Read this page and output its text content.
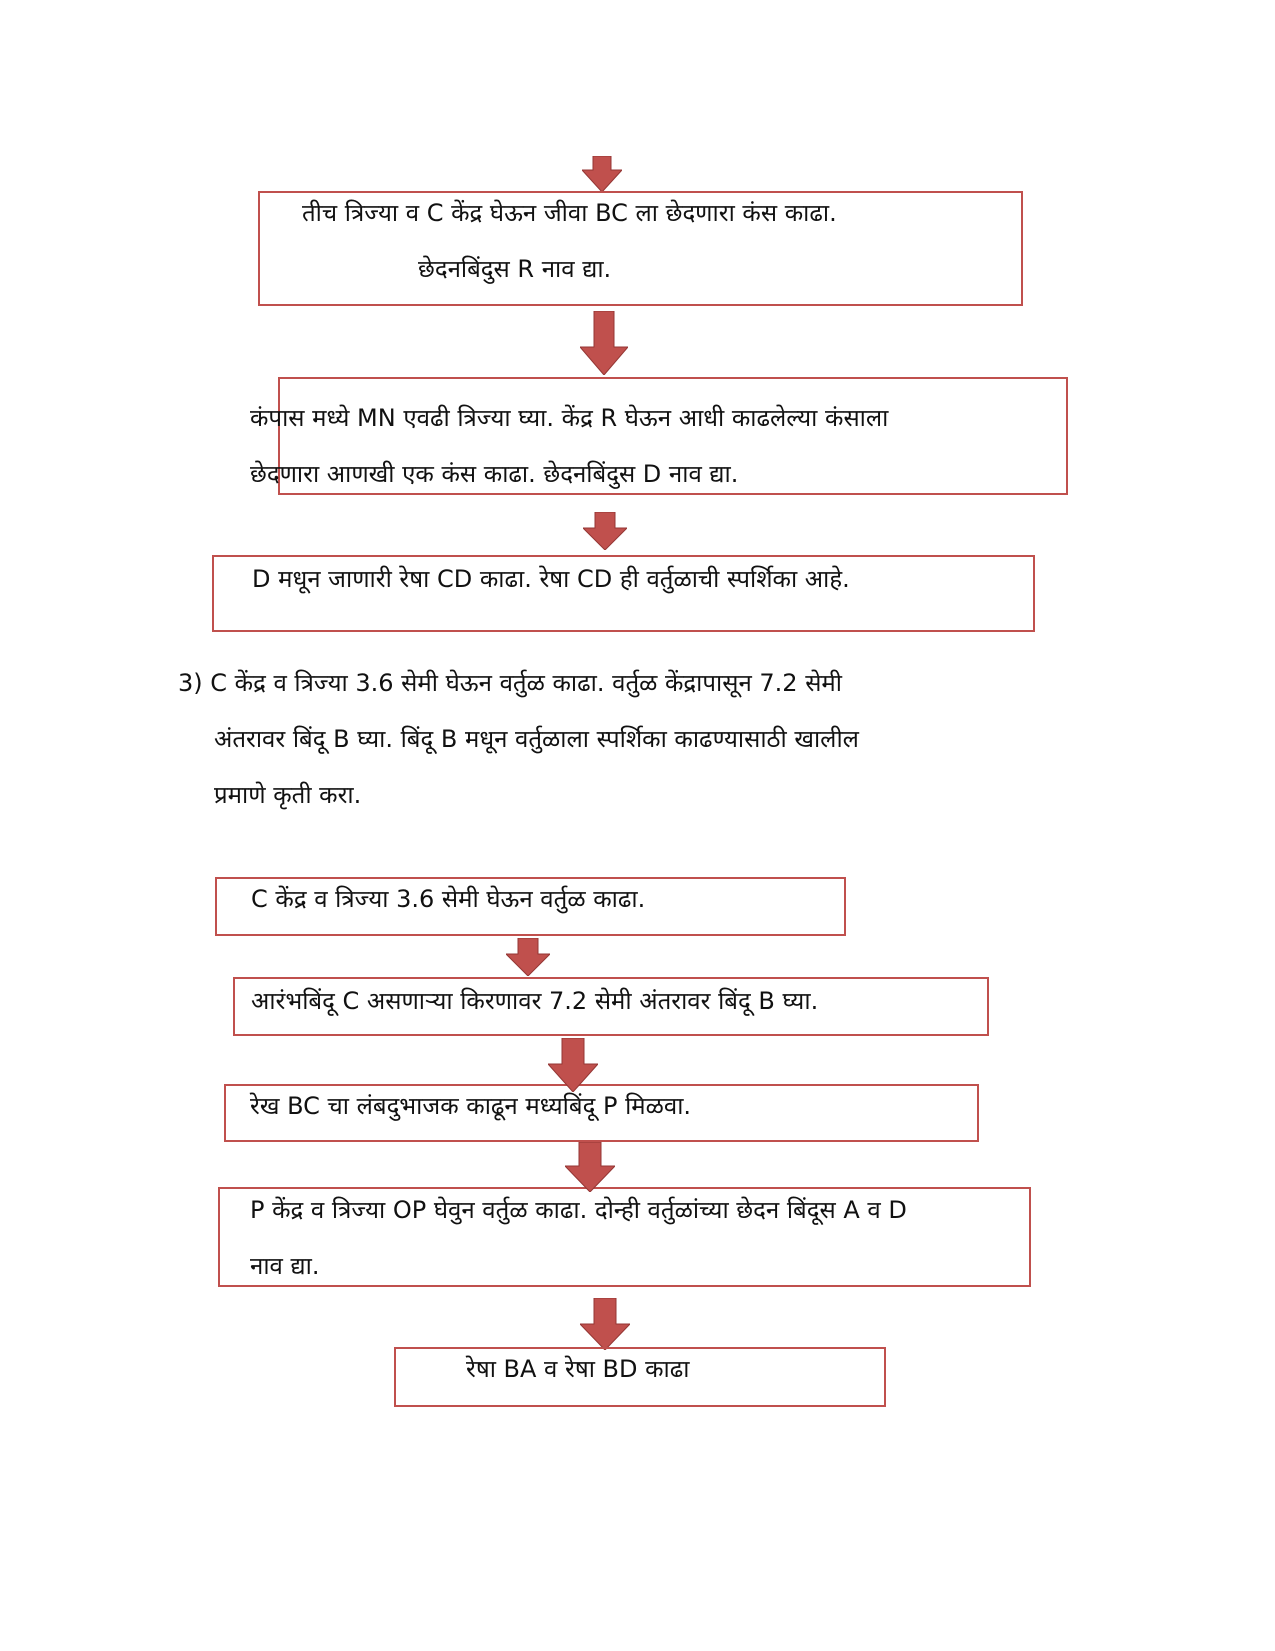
तीच त्रिज्या व C केंद्र घेऊन जीवा BC ला छेदणारा कंस काढा.
छेदनबिंदुस R नाव द्या.
कंपास मध्ये MN एवढी त्रिज्या घ्या. केंद्र R घेऊन आधी काढलेल्या कंसाला
छेदणारा आणखी एक कंस काढा. छेदनबिंदुस D नाव द्या.
D मधून जाणारी रेषा CD काढा. रेषा CD ही वर्तुळाची स्पर्शिका आहे.
3) C केंद्र व त्रिज्या 3.6 सेमी घेऊन वर्तुळ काढा. वर्तुळ केंद्रापासून 7.2 सेमी
अंतरावर बिंदू B घ्या. बिंदू B मधून वर्तुळाला स्पर्शिका काढण्यासाठी खालील
प्रमाणे कृती करा.
C केंद्र व त्रिज्या 3.6 सेमी घेऊन वर्तुळ काढा.
आरंभबिंदू C असणाऱ्या किरणावर 7.2 सेमी अंतरावर बिंदू B घ्या.
रेख BC चा लंबदुभाजक काढून मध्यबिंदू P मिळवा.
P केंद्र व त्रिज्या OP घेवुन वर्तुळ काढा. दोन्ही वर्तुळांच्या छेदन बिंदूस A व D
नाव द्या.
रेषा BA व रेषा BD काढा
